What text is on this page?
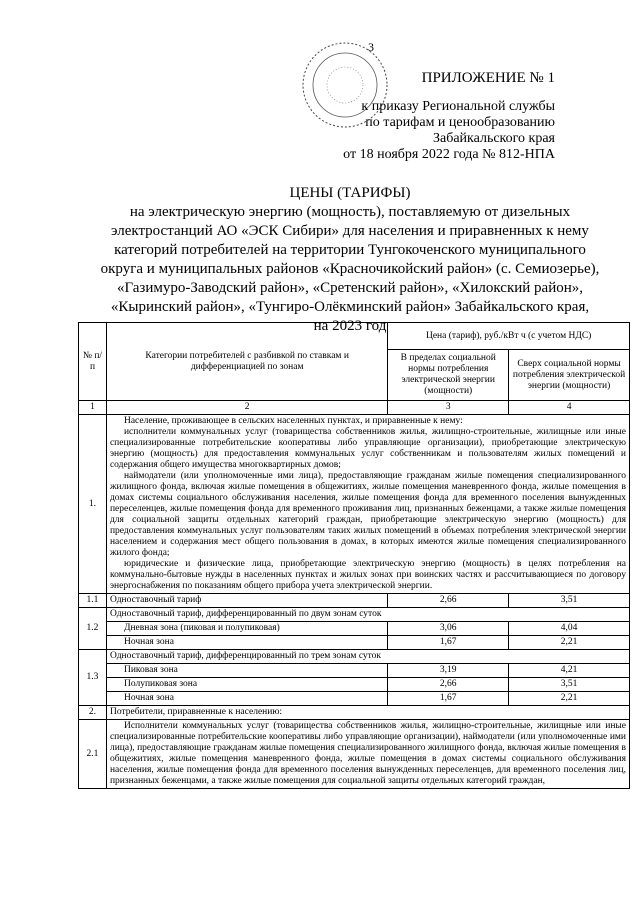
3
ПРИЛОЖЕНИЕ № 1
к приказу Региональной службы
по тарифам и ценообразованию
Забайкальского края
от 18 ноября 2022 года № 812-НПА
ЦЕНЫ (ТАРИФЫ)
на электрическую энергию (мощность), поставляемую от дизельных
электростанций АО «ЭСК Сибири» для населения и приравненных к нему
категорий потребителей на территории Тунгокоченского муниципального
округа и муниципальных районов «Красночикойский район» (с. Семиозерье),
«Газимуро-Заводский район», «Сретенский район», «Хилокский район»,
«Кыринский район», «Тунгиро-Олёкминский район» Забайкальского края,
на 2023 год
№ п/п	Категории потребителей с разбивкой по ставкам и дифференциацией по зонам	Цена (тариф), руб./кВт ч (с учетом НДС)	
		В пределах социальной нормы потребления электрической энергии (мощности)	Сверх социальной нормы потребления электрической энергии (мощности)
1	2	3	4
1.	Население, проживающее в сельских населенных пунктах, и приравненные к нему:
исполнители коммунальных услуг (товарищества собственников жилья, жилищно-строительные, жилищные или иные специализированные потребительские кооперативы либо управляющие организации), приобретающие электрическую энергию (мощность) для предоставления коммунальных услуг собственникам и пользователям жилых помещений и содержания общего имущества многоквартирных домов;
наймодатели (или уполномоченные ими лица), предоставляющие гражданам жилые помещения специализированного жилищного фонда, включая жилые помещения в общежитиях, жилые помещения маневренного фонда, жилые помещения в домах системы социального обслуживания населения, жилые помещения фонда для временного поселения вынужденных переселенцев, жилые помещения фонда для временного проживания лиц, признанных беженцами, а также жилые помещения для социальной защиты отдельных категорий граждан, приобретающие электрическую энергию (мощность) для предоставления коммунальных услуг пользователям таких жилых помещений в объемах потребления электрической энергии населением и содержания мест общего пользования в домах, в которых имеются жилые помещения специализированного жилого фонда;
юридические и физические лица, приобретающие электрическую энергию (мощность) в целях потребления на коммунально-бытовые нужды в населенных пунктах и жилых зонах при воинских частях и рассчитывающиеся по договору энергоснабжения по показаниям общего прибора учета электрической энергии.		

1.1	Одноставочный тариф	2,66	3,51
1.2	Одноставочный тариф, дифференцированный по двум зонам суток		
	Дневная зона (пиковая и полупиковая)	3,06	4,04
	Ночная зона	1,67	2,21
1.3	Одноставочный тариф, дифференцированный по трем зонам суток		
	Пиковая зона	3,19	4,21
	Полупиковая зона	2,66	3,51
	Ночная зона	1,67	2,21
2.	Потребители, приравненные к населению:		
2.1	Исполнители коммунальных услуг (товарищества собственников жилья, жилищно-строительные, жилищные или иные специализированные потребительские кооперативы либо управляющие организации), наймодатели (или уполномоченные ими лица), предоставляющие гражданам жилые помещения специализированного жилищного фонда, включая жилые помещения в общежитиях, жилые помещения маневренного фонда, жилые помещения в домах системы социального обслуживания населения, жилые помещения фонда для временного поселения вынужденных переселенцев, для временного поселения лиц, признанных беженцами, а также жилые помещения для социальной защиты отдельных категорий граждан,		
